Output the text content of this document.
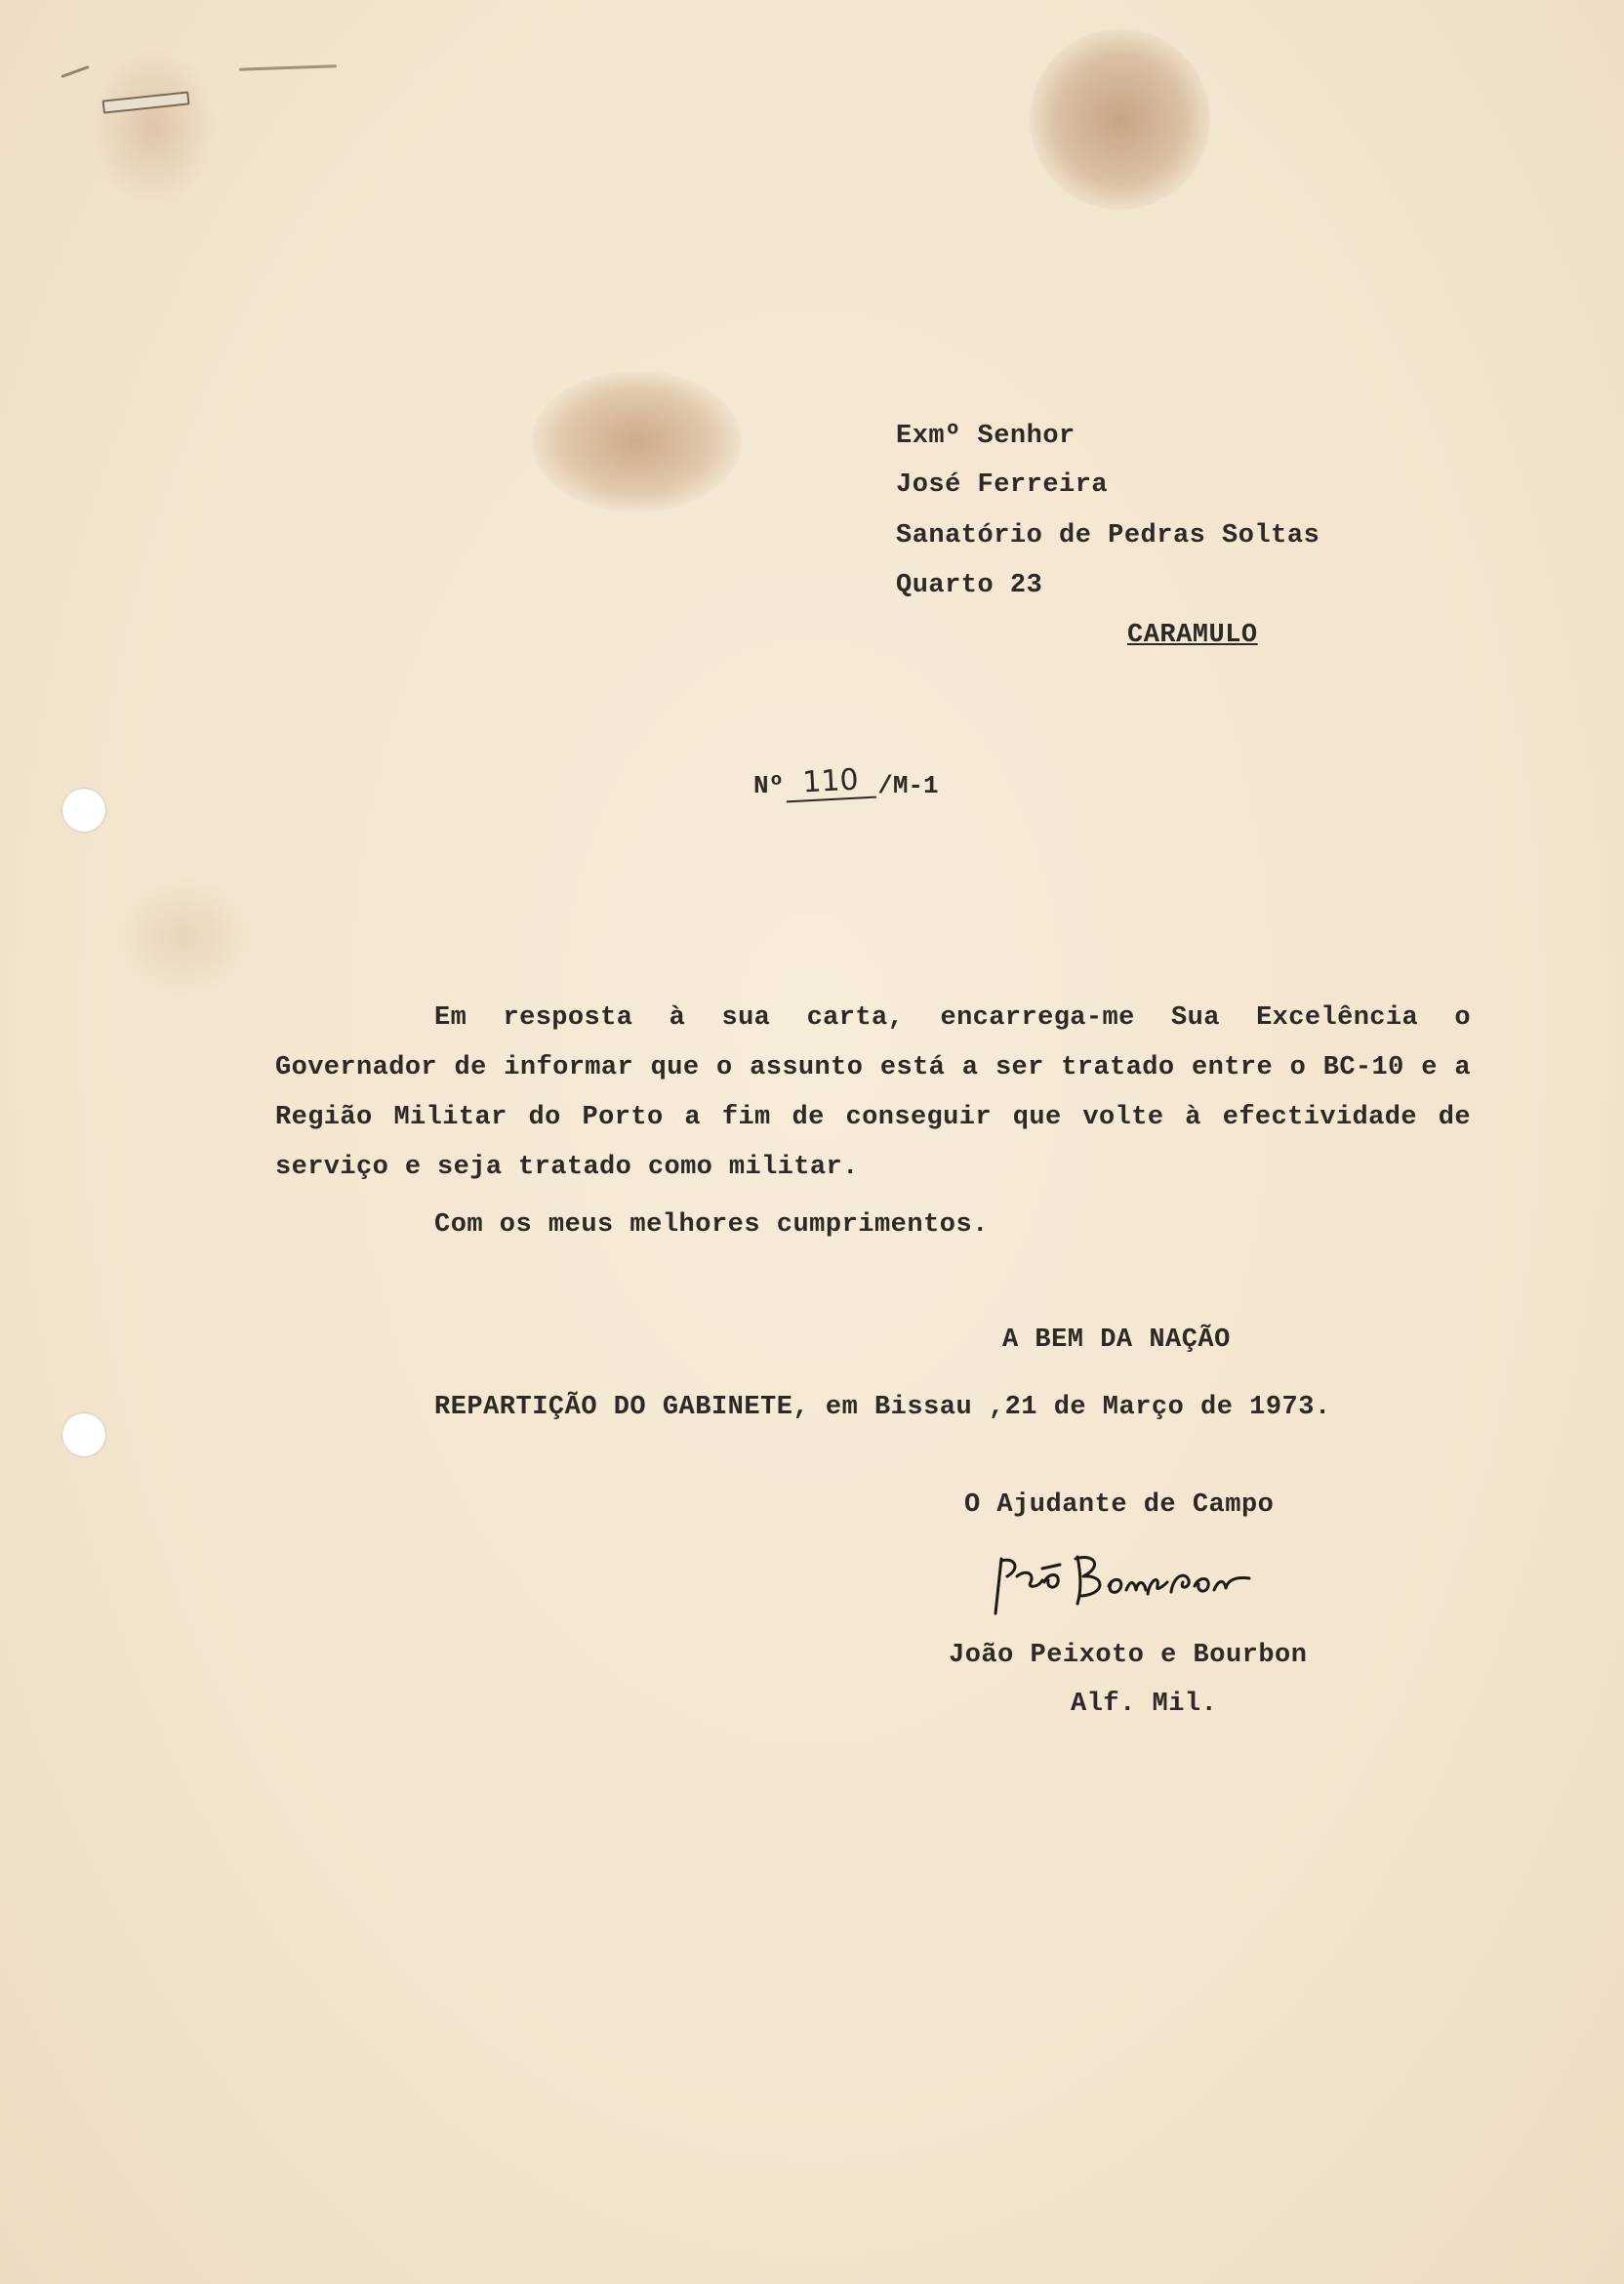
Exmº Senhor
José Ferreira
Sanatório de Pedras Soltas
Quarto 23
CARAMULO
Nº 110 /M-1
Em resposta à sua carta, encarrega-me Sua Excelência o Governador de informar que o assunto está a ser tratado entre o BC-10 e a Região Militar do Porto a fim de conseguir que volte à efectividade de serviço e seja tratado como militar.
Com os meus melhores cumprimentos.
A BEM DA NAÇÃO
REPARTIÇÃO DO GABINETE, em Bissau ,21 de Março de 1973.
O Ajudante de Campo
João Peixoto e Bourbon
Alf. Mil.
